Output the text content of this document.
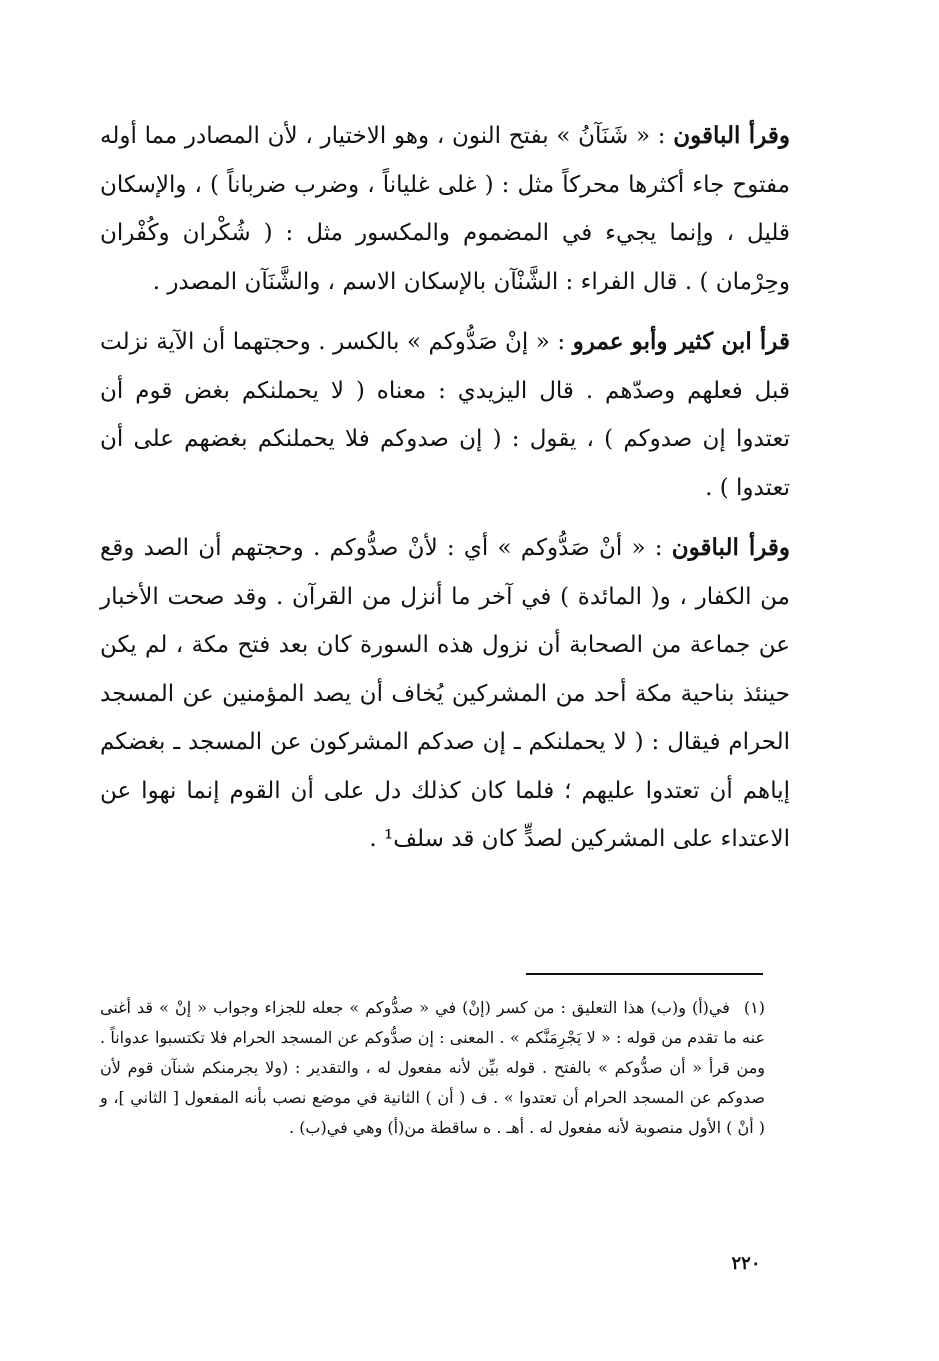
وقرأ الباقون : « شَنَآنُ » بفتح النون ، وهو الاختيار ، لأن المصادر مما أوله مفتوح جاء أكثرها محركاً مثل : ( غلى غلياناً ، وضرب ضرباناً ) ، والإسكان قليل ، وإنما يجيء في المضموم والمكسور مثل : ( شُكْران وكُفْران وحِرْمان ) . قال الفراء : الشَّنْآن بالإسكان الاسم ، والشَّنَآن المصدر .

قرأ ابن كثير وأبو عمرو : « إنْ صَدُّوكم » بالكسر . وحجتهما أن الآية نزلت قبل فعلهم وصدّهم . قال اليزيدي : معناه ( لا يحملنكم بغض قوم أن تعتدوا إن صدوكم ) ، يقول : ( إن صدوكم فلا يحملنكم بغضهم على أن تعتدوا ) .

وقرأ الباقون : « أنْ صَدُّوكم » أي : لأنْ صدُّوكم . وحجتهم أن الصد وقع من الكفار ، و( المائدة ) في آخر ما أنزل من القرآن . وقد صحت الأخبار عن جماعة من الصحابة أن نزول هذه السورة كان بعد فتح مكة ، لم يكن حينئذ بناحية مكة أحد من المشركين يُخاف أن يصد المؤمنين عن المسجد الحرام فيقال : ( لا يحملنكم ـ إن صدكم المشركون عن المسجد ـ بغضكم إياهم أن تعتدوا عليهم ؛ فلما كان كذلك دل على أن القوم إنما نهوا عن الاعتداء على المشركين لصدٍّ كان قد سلف¹ .

(١)في(أ) و(ب) هذا التعليق : من كسر (إنْ) في « صدُّوكم » جعله للجزاء وجواب « إنْ » قد أغنى عنه ما تقدم من قوله : « لا يَجْرِمَنَّكم » . المعنى : إن صدُّوكم عن المسجد الحرام فلا تكتسبوا عدواناً . ومن قرأ « أن صدُّوكم » بالفتح . قوله بيِّن لأنه مفعول له ، والتقدير : (ولا يجرمنكم شنآن قوم لأن صدوكم عن المسجد الحرام أن تعتدوا » . ف ( أن ) الثانية في موضع نصب بأنه المفعول [ الثاني ]، و ( أنْ ) الأول منصوبة لأنه مفعول له . أهـ . ه ساقطة من(أ) وهي في(ب) .

٢٢٠
